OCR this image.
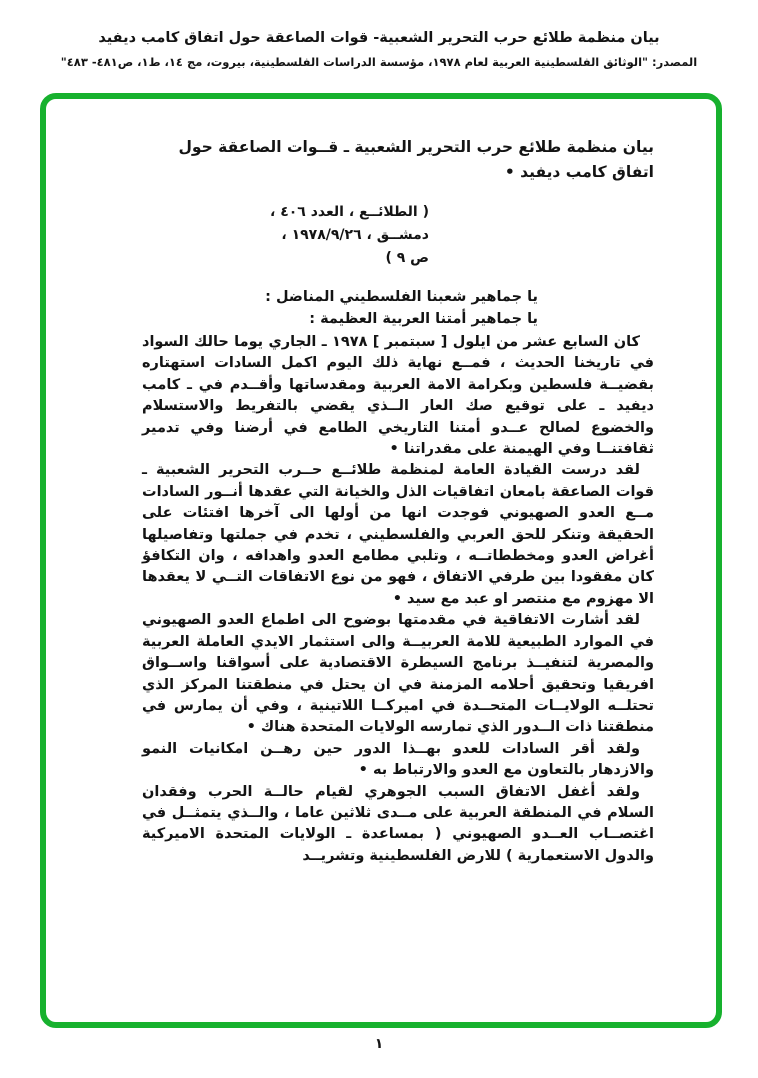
بيان منظمة طلائع حرب التحرير الشعبية- قوات الصاعقة حول اتفاق كامب ديفيد
المصدر: "الوثائق الفلسطينية العربية لعام ١٩٧٨، مؤسسة الدراسات الفلسطينية، بيروت، مج ١٤، ط١، ص٤٨١- ٤٨٣"
بيان منظمة طلائع حرب التحرير الشعبية ـ قــوات الصاعقة حول اتفاق كامب ديفيد •
( الطلائــع ، العدد ٤٠٦ ،
دمشــق ، ١٩٧٨/٩/٢٦ ،
ص ٩ )
يا جماهير شعبنا الفلسطيني المناضل :
يا جماهير أمتنا العربية العظيمة :

كان السابع عشر من ايلول [ سبتمبر ] ١٩٧٨ ـ الجاري يوما حالك السواد في تاريخنا الحديث ، فمــع نهاية ذلك اليوم اكمل السادات استهتاره بقضيــة فلسطين وبكرامة الامة العربية ومقدساتها وأقــدم في ـ كامب ديفيد ـ على توقيع صك العار الــذي يقضي بالتفريط والاستسلام والخضوع لصالح عــدو أمتنا التاريخي الطامع في أرضنا وفي تدمير ثقافتنــا وفي الهيمنة على مقدراتنا •

لقد درست القيادة العامة لمنظمة طلائــع حــرب التحرير الشعبية ـ قوات الصاعقة بامعان اتفاقيات الذل والخيانة التي عقدها أنــور السادات مــع العدو الصهيوني فوجدت انها من أولها الى آخرها افتئات على الحقيقة وتنكر للحق العربي والفلسطيني ، تخدم في جملتها وتفاصيلها أغراض العدو ومخططاتــه ، وتلبي مطامع العدو واهدافه ، وان التكافؤ كان مفقودا بين طرفي الاتفاق ، فهو من نوع الاتفاقات التــي لا يعقدها الا مهزوم مع منتصر او عبد مع سيد •

لقد أشارت الاتفاقية في مقدمتها بوضوح الى اطماع العدو الصهيوني في الموارد الطبيعية للامة العربيــة والى استثمار الايدي العاملة العربية والمصرية لتنفيــذ برنامج السيطرة الاقتصادية على أسواقنا واســواق افريقيا وتحقيق أحلامه المزمنة في ان يحتل في منطقتنا المركز الذي تحتلــه الولايــات المتحــدة في اميركــا اللاتينية ، وفي أن يمارس في منطقتنا ذات الــدور الذي تمارسه الولايات المتحدة هناك •

ولقد أقر السادات للعدو بهــذا الدور حين رهــن امكانيات النمو والازدهار بالتعاون مع العدو والارتباط به •

ولقد أغفل الاتفاق السبب الجوهري لقيام حالــة الحرب وفقدان السلام في المنطقة العربية على مــدى ثلاثين عاما ، والــذي يتمثــل في اغتصــاب العــدو الصهيوني ( بمساعدة ـ الولايات المتحدة الاميركية والدول الاستعمارية ) للارض الفلسطينية وتشريــد

١
